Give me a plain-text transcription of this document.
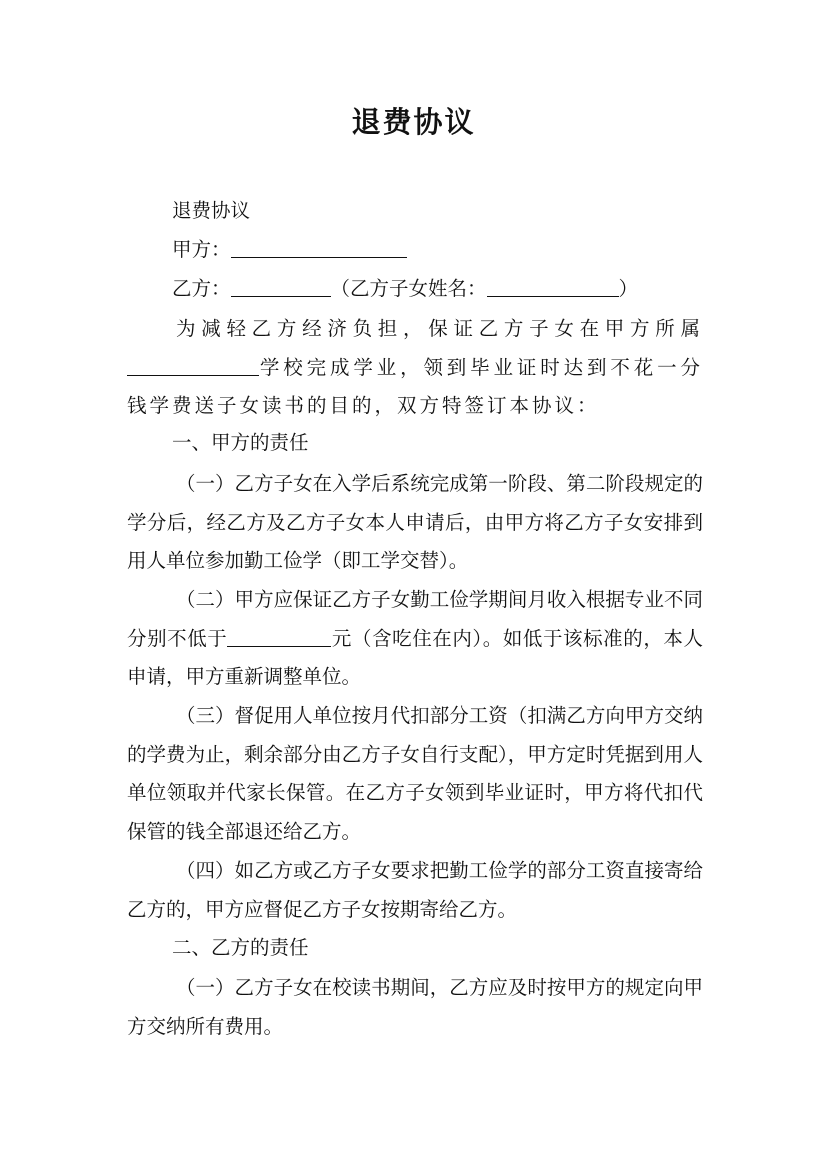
退费协议
退费协议
甲方：
乙方：	（乙方子女姓名：	）
为减轻乙方经济负担，保证乙方子女在甲方所属学校完成学业，领到毕业证时达到不花一分钱学费送子女读书的目的，双方特签订本协议：
一、甲方的责任
（一）乙方子女在入学后系统完成第一阶段、第二阶段规定的学分后，经乙方及乙方子女本人申请后，由甲方将乙方子女安排到用人单位参加勤工俭学（即工学交替）。
（二）甲方应保证乙方子女勤工俭学期间月收入根据专业不同分别不低于	元（含吃住在内）。如低于该标准的，本人申请，甲方重新调整单位。
（三）督促用人单位按月代扣部分工资（扣满乙方向甲方交纳的学费为止，剩余部分由乙方子女自行支配），甲方定时凭据到用人单位领取并代家长保管。在乙方子女领到毕业证时，甲方将代扣代保管的钱全部退还给乙方。
（四）如乙方或乙方子女要求把勤工俭学的部分工资直接寄给乙方的，甲方应督促乙方子女按期寄给乙方。
二、乙方的责任
（一）乙方子女在校读书期间，乙方应及时按甲方的规定向甲方交纳所有费用。
